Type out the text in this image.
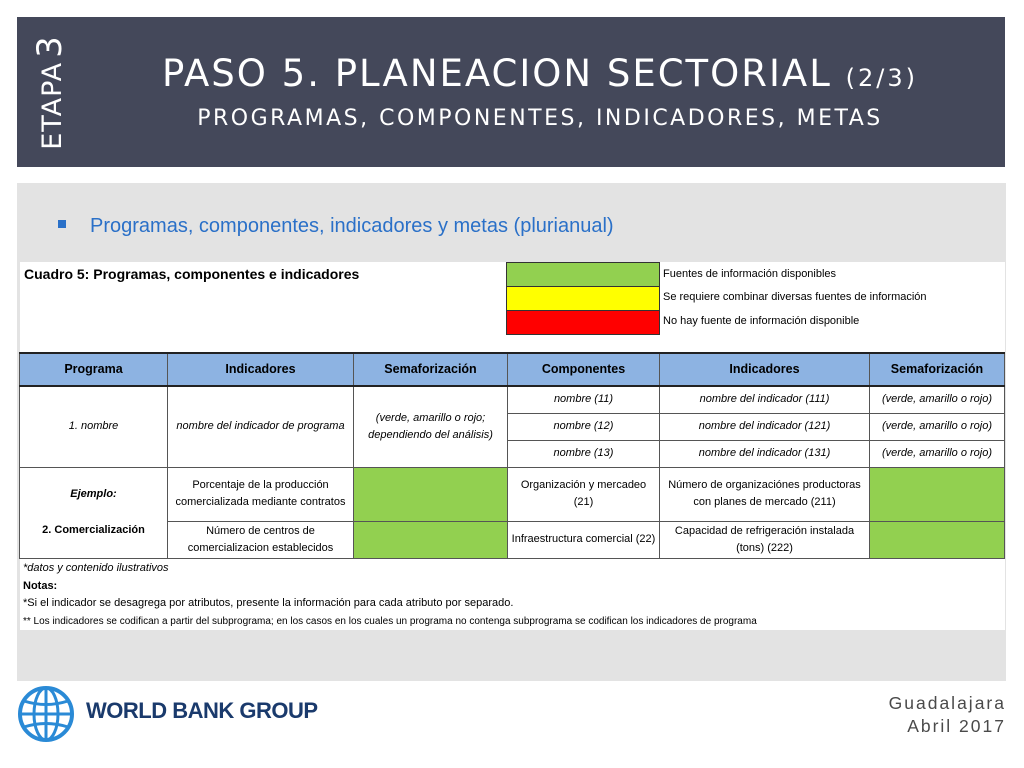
ETAPA3
PASO 5. PLANEACION SECTORIAL (2/3)
PROGRAMAS, COMPONENTES, INDICADORES, METAS
Programas, componentes, indicadores y metas (plurianual)
Cuadro 5: Programas, componentes e indicadores	Fuentes de información disponibles
Se requiere combinar diversas fuentes de información
No hay fuente de información disponible
Programa	Indicadores	Semaforización	Componentes	Indicadores	Semaforización
1. nombre	nombre del indicador de programa	(verde, amarillo o rojo; dependiendo del análisis)	nombre (11)	nombre del indicador (111)	(verde, amarillo o rojo)
			nombre (12)	nombre del indicador (121)	(verde, amarillo o rojo)
			nombre (13)	nombre del indicador (131)	(verde, amarillo o rojo)
Ejemplo:	Porcentaje de la producción comercializada mediante contratos		Organización y mercadeo (21)	Número de organizaciónes productoras con planes de mercado (211)	
2. Comercialización	Número de centros de comercializacion establecidos		Infraestructura comercial (22)	Capacidad de refrigeración instalada (tons) (222)	
*datos y contenido ilustrativos
Notas:
*Si el indicador se desagrega por atributos, presente la información para cada atributo por separado.
** Los indicadores se codifican a partir del subprograma; en los casos en los cuales un programa no contenga subprograma se codifican los indicadores de programa
WORLD BANK GROUP	Guadalajara
Abril 2017
